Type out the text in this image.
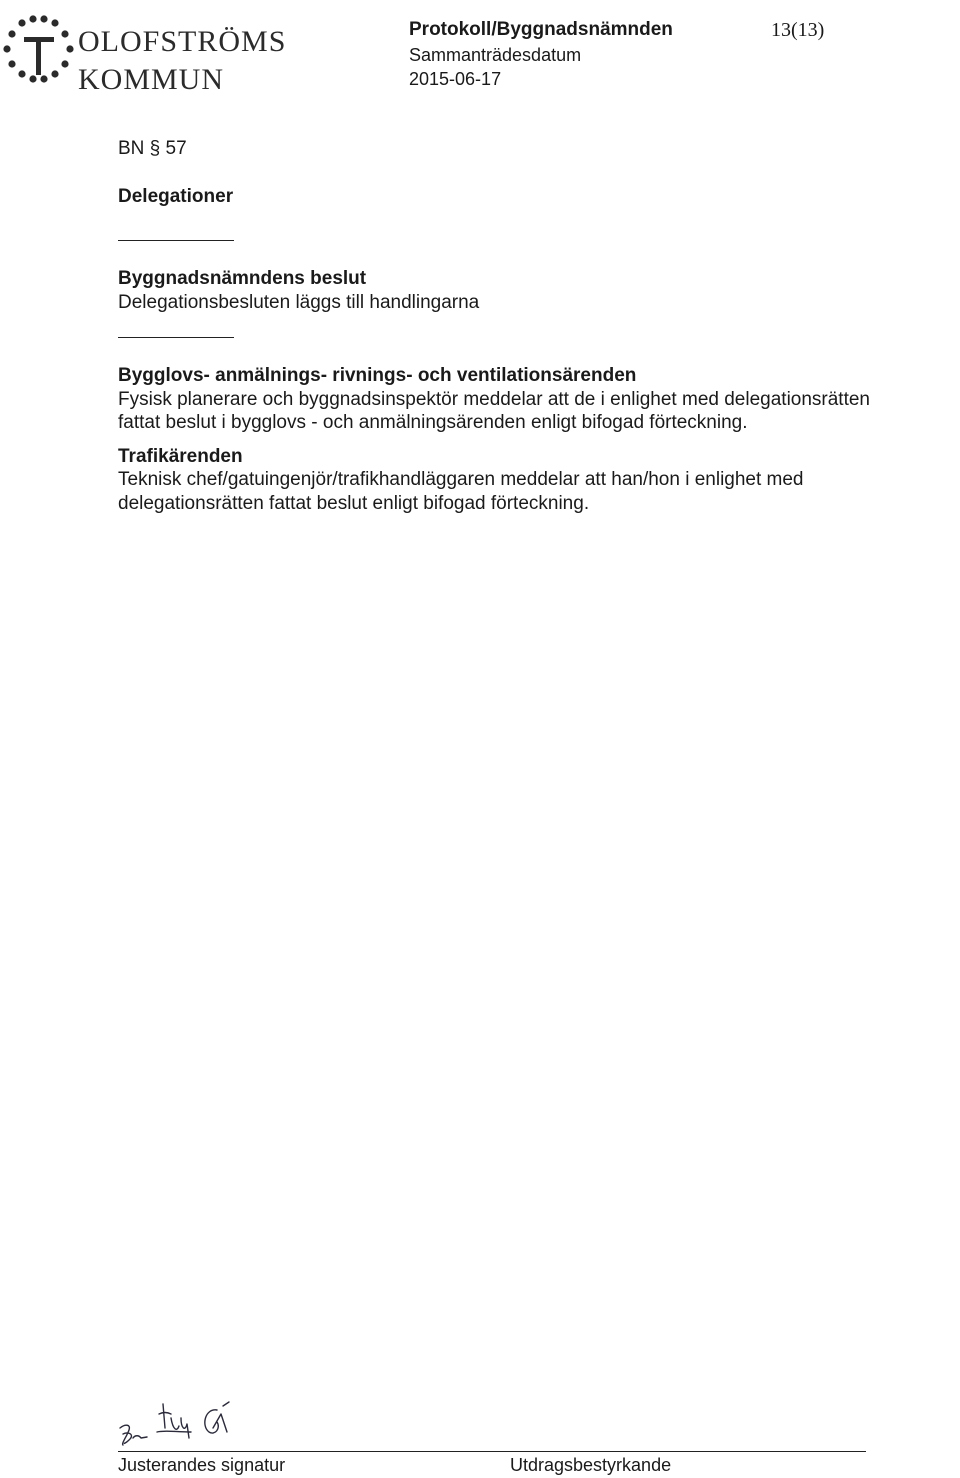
OLOFSTRÖMS
KOMMUN
Protokoll/Byggnadsnämnden
Sammanträdesdatum
2015-06-17
13(13)

BN § 57

Delegationer

Byggnadsnämndens beslut

Delegationsbesluten läggs till handlingarna

Bygglovs- anmälnings- rivnings- och ventilationsärenden

Fysisk planerare och byggnadsinspektör meddelar att de i enlighet med delegationsrätten fattat beslut i bygglovs - och anmälningsärenden enligt bifogad förteckning.

Trafikärenden

Teknisk chef/gatuingenjör/trafikhandläggaren meddelar att han/hon i enlighet med delegationsrätten fattat beslut enligt bifogad förteckning.

Justerandes signatur	Utdragsbestyrkande
